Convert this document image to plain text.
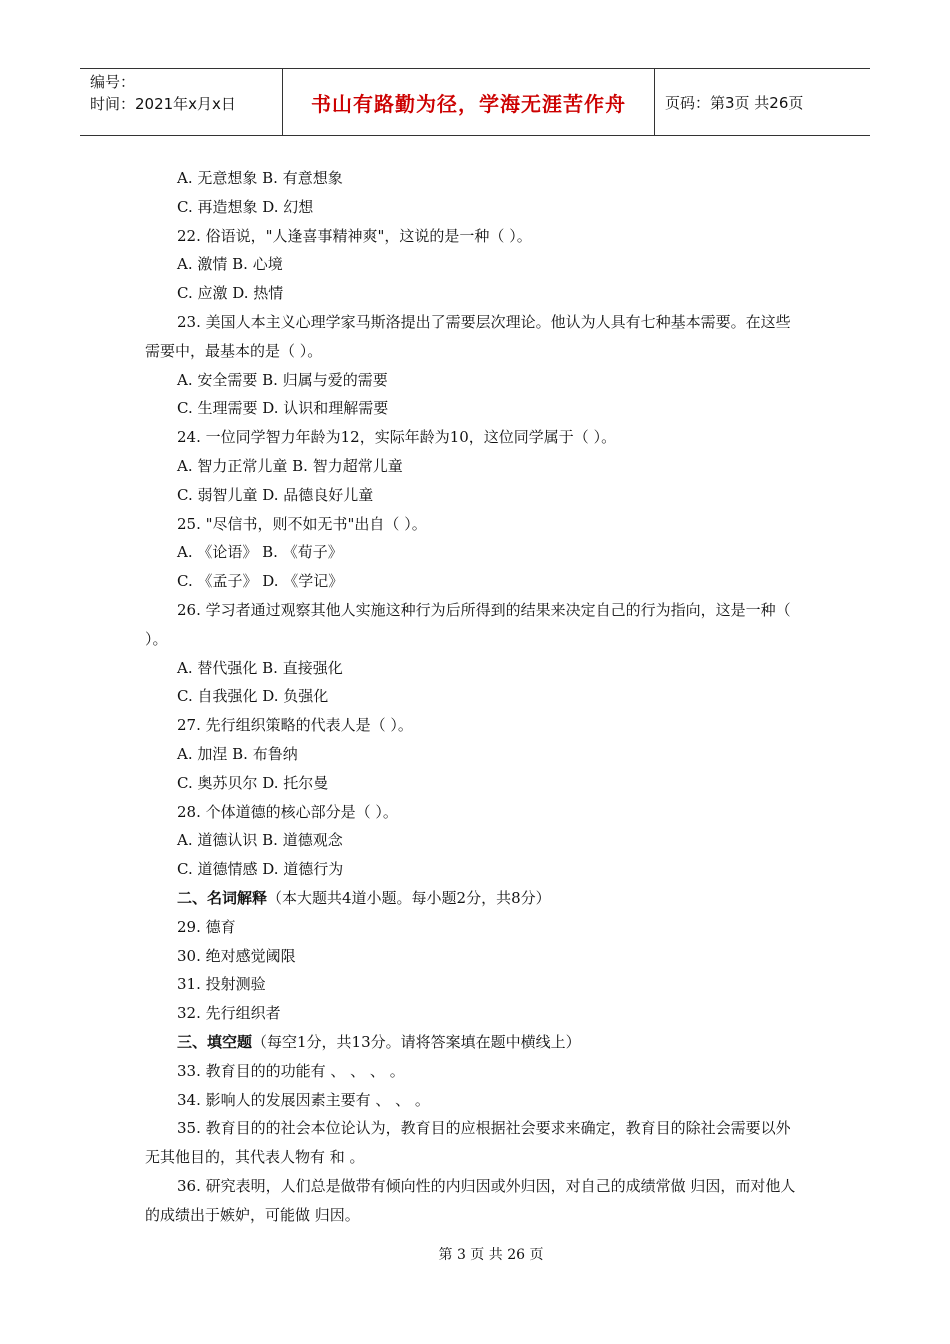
编号：
时间：2021年x月x日	书山有路勤为径，学海无涯苦作舟	页码：第3页 共26页

A. 无意想象 B. 有意想象

C. 再造想象 D. 幻想

22. 俗语说，"人逢喜事精神爽"，这说的是一种（ ）。

A. 激情 B. 心境

C. 应激 D. 热情

23. 美国人本主义心理学家马斯洛提出了需要层次理论。他认为人具有七种基本需要。在这些需要中，最基本的是（ ）。

A. 安全需要 B. 归属与爱的需要

C. 生理需要 D. 认识和理解需要

24. 一位同学智力年龄为12，实际年龄为10，这位同学属于（ ）。

A. 智力正常儿童 B. 智力超常儿童

C. 弱智儿童 D. 品德良好儿童

25. "尽信书，则不如无书"出自（ ）。

A. 《论语》 B. 《荀子》

C. 《孟子》 D. 《学记》

26. 学习者通过观察其他人实施这种行为后所得到的结果来决定自己的行为指向，这是一种（ ）。

A. 替代强化 B. 直接强化

C. 自我强化 D. 负强化

27. 先行组织策略的代表人是（ ）。

A. 加涅 B. 布鲁纳

C. 奥苏贝尔 D. 托尔曼

28. 个体道德的核心部分是（ ）。

A. 道德认识 B. 道德观念

C. 道德情感 D. 道德行为

二、名词解释（本大题共4道小题。每小题2分，共8分）

29. 德育

30. 绝对感觉阈限

31. 投射测验

32. 先行组织者

三、填空题（每空1分，共13分。请将答案填在题中横线上）

33. 教育目的的功能有 、 、 、 。

34. 影响人的发展因素主要有 、 、 。

35. 教育目的的社会本位论认为，教育目的应根据社会要求来确定，教育目的除社会需要以外无其他目的，其代表人物有 和 。

36. 研究表明，人们总是做带有倾向性的内归因或外归因，对自己的成绩常做 归因，而对他人的成绩出于嫉妒，可能做 归因。

第 3 页 共 26 页
